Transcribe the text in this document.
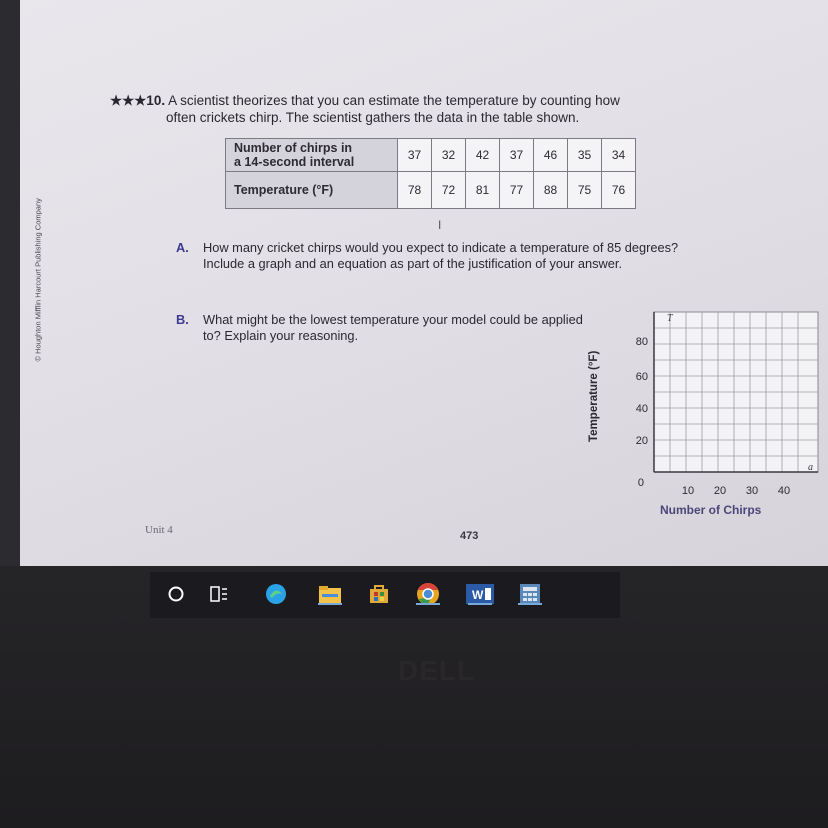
© Houghton Mifflin Harcourt Publishing Company
★★★10. A scientist theorizes that you can estimate the temperature by counting how
often crickets chirp. The scientist gathers the data in the table shown.
Number of chirps in
a 14-second interval	37	32	42	37	46	35	34
Temperature (°F)	78	72	81	77	88	75	76
I
A.	How many cricket chirps would you expect to indicate a temperature of 85 degrees? Include a graph and an equation as part of the justification of your answer.
B.	What might be the lowest temperature your model could be applied to? Explain your reasoning.	80
60
40
20
0
10 20 30 40
T
a
Temperature (°F)
Number of Chirps
Unit 4	473
W
DELL
